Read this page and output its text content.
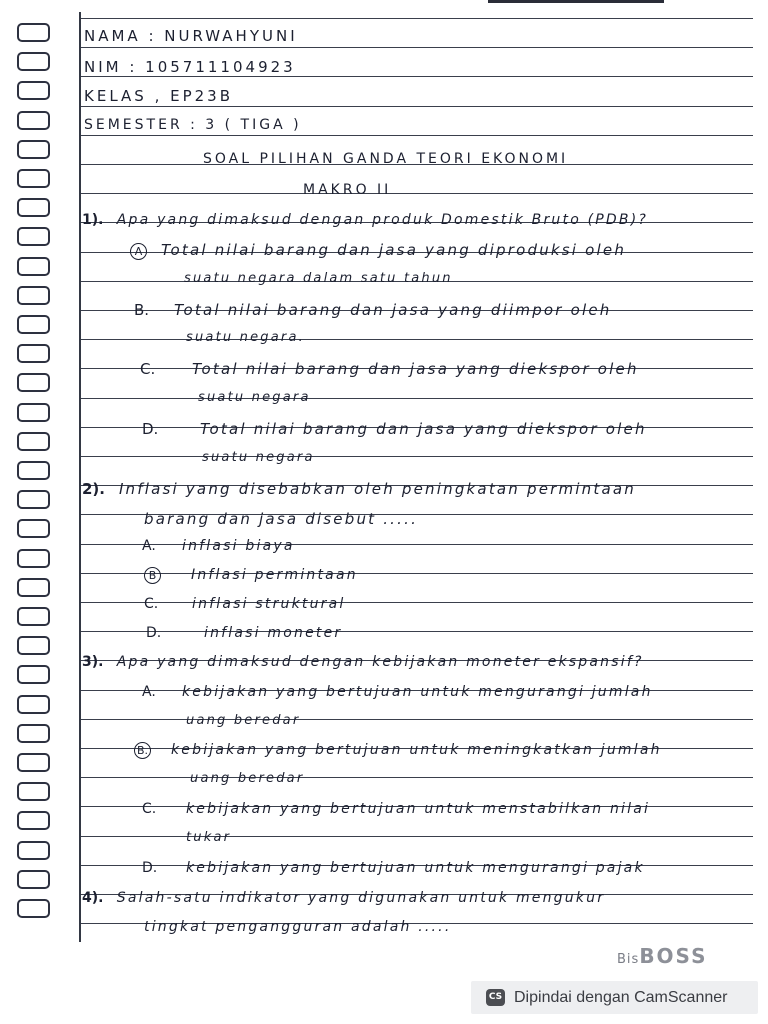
NAMA : NURWAHYUNI
NIM : 105711104923
KELAS , EP23B
SEMESTER : 3 ( TIGA )
SOAL PILIHAN GANDA TEORI EKONOMI
MAKRO II
1). Apa yang dimaksud dengan produk Domestik Bruto (PDB)?
A Total nilai barang dan jasa yang diproduksi oleh
suatu negara dalam satu tahun
B. Total nilai barang dan jasa yang diimpor oleh
suatu negara.
C. Total nilai barang dan jasa yang diekspor oleh
suatu negara
D.	Total nilai barang dan jasa yang diekspor oleh
suatu negara
2). Inflasi yang disebabkan oleh peningkatan permintaan
barang dan jasa disebut .....
A. inflasi biaya
B Inflasi permintaan
C. inflasi struktural
D.	inflasi moneter
3). Apa yang dimaksud dengan kebijakan moneter ekspansif?
A. kebijakan yang bertujuan untuk mengurangi jumlah
uang beredar
B. kebijakan yang bertujuan untuk meningkatkan jumlah
uang beredar
C. kebijakan yang bertujuan untuk menstabilkan nilai
tukar
D. kebijakan yang bertujuan untuk mengurangi pajak
4). Salah-satu indikator yang digunakan untuk mengukur
tingkat pengangguran adalah .....
BisBOSS
CS Dipindai dengan CamScanner
